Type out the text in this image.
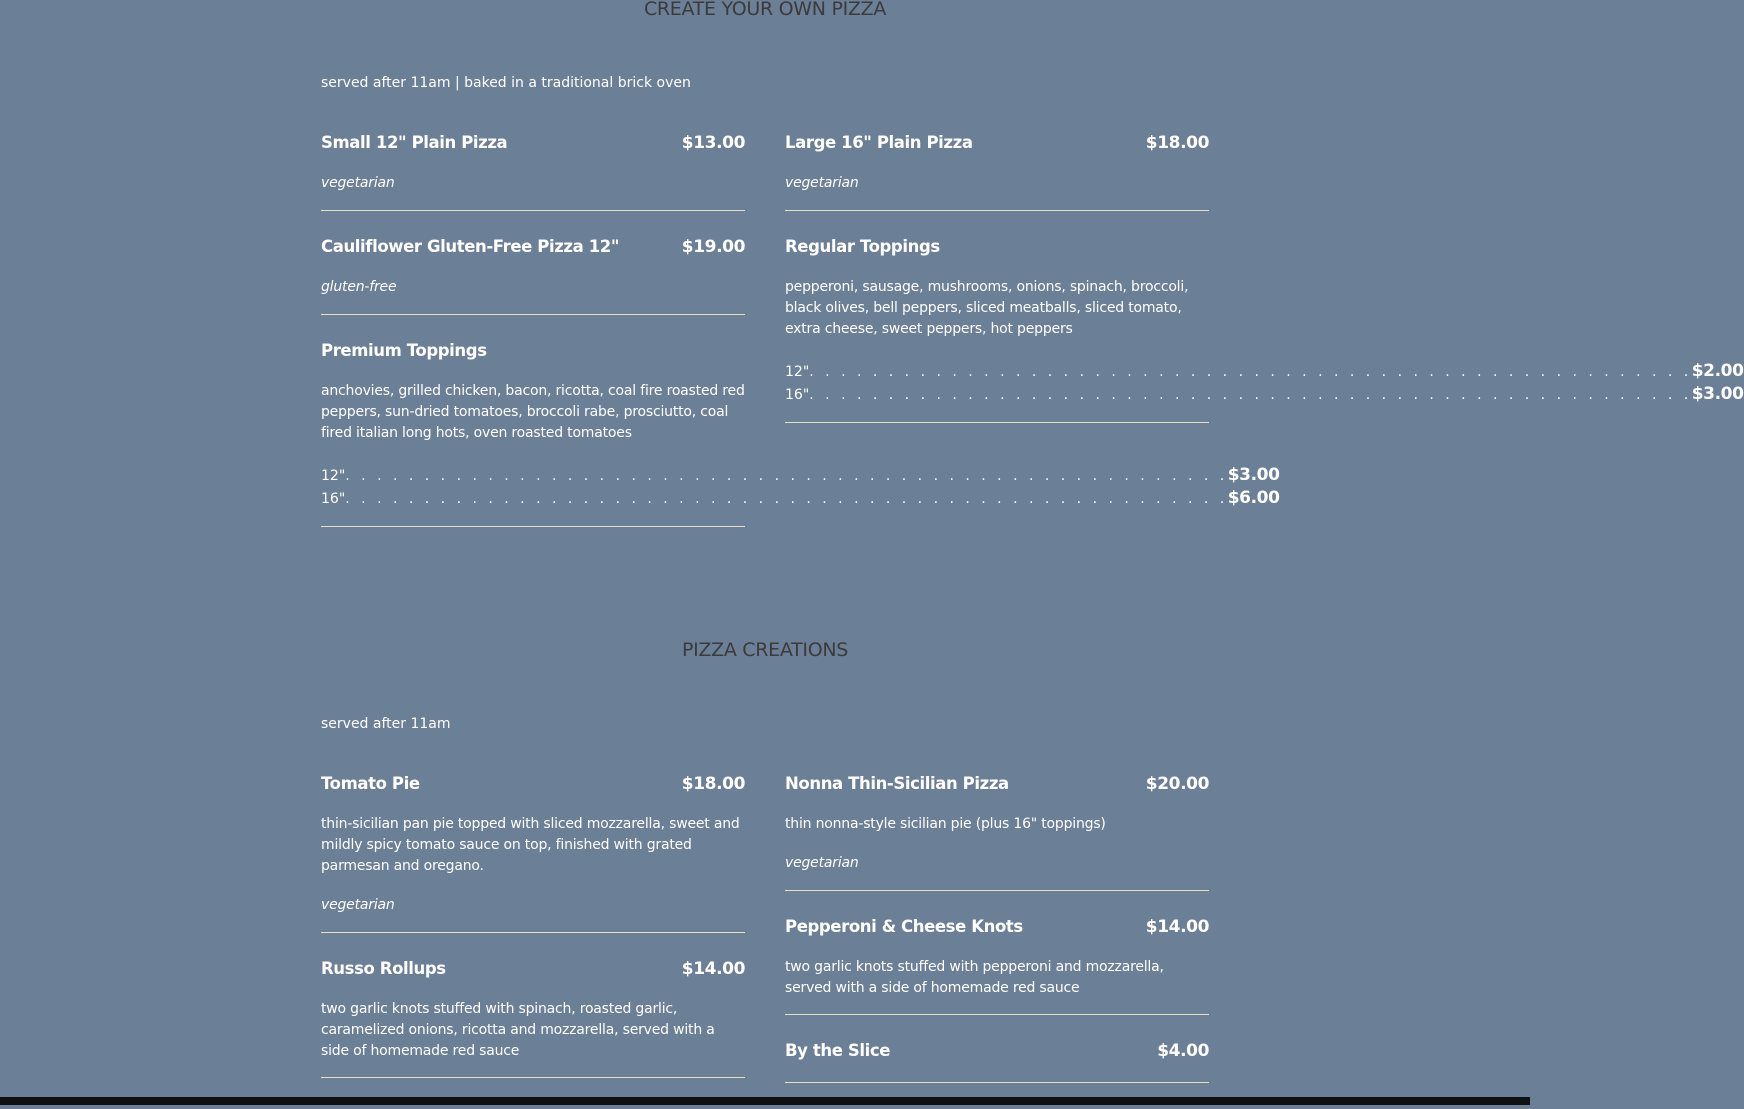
CREATE YOUR OWN PIZZA
served after 11am | baked in a traditional brick oven
Small 12" Plain Pizza	$13.00
vegetarian
Cauliflower Gluten-Free Pizza 12"	$19.00
gluten-free
Premium Toppings
anchovies, grilled chicken, bacon, ricotta, coal fire roasted red peppers, sun-dried tomatoes, broccoli rabe, prosciutto, coal fired italian long hots, oven roasted tomatoes
12" . . . . . . . . . . . . . . . . . . . . . . . . . . . . . . . . . . . . . . . . . . . . . . . . . . . . . . . . $3.00
16" . . . . . . . . . . . . . . . . . . . . . . . . . . . . . . . . . . . . . . . . . . . . . . . . . . . . . . . . $6.00
Large 16" Plain Pizza	$18.00
vegetarian
Regular Toppings
pepperoni, sausage, mushrooms, onions, spinach, broccoli, black olives, bell peppers, sliced meatballs, sliced tomato, extra cheese, sweet peppers, hot peppers
12" . . . . . . . . . . . . . . . . . . . . . . . . . . . . . . . . . . . . . . . . . . . . . . . . . . . . . . . . $2.00
16" . . . . . . . . . . . . . . . . . . . . . . . . . . . . . . . . . . . . . . . . . . . . . . . . . . . . . . . . $3.00
PIZZA CREATIONS
served after 11am
Tomato Pie	$18.00
thin-sicilian pan pie topped with sliced mozzarella, sweet and mildly spicy tomato sauce on top, finished with grated parmesan and oregano.
vegetarian
Russo Rollups	$14.00
two garlic knots stuffed with spinach, roasted garlic, caramelized onions, ricotta and mozzarella, served with a side of homemade red sauce
Nonna Thin-Sicilian Pizza	$20.00
thin nonna-style sicilian pie (plus 16" toppings)
vegetarian
Pepperoni & Cheese Knots	$14.00
two garlic knots stuffed with pepperoni and mozzarella, served with a side of homemade red sauce
By the Slice	$4.00
